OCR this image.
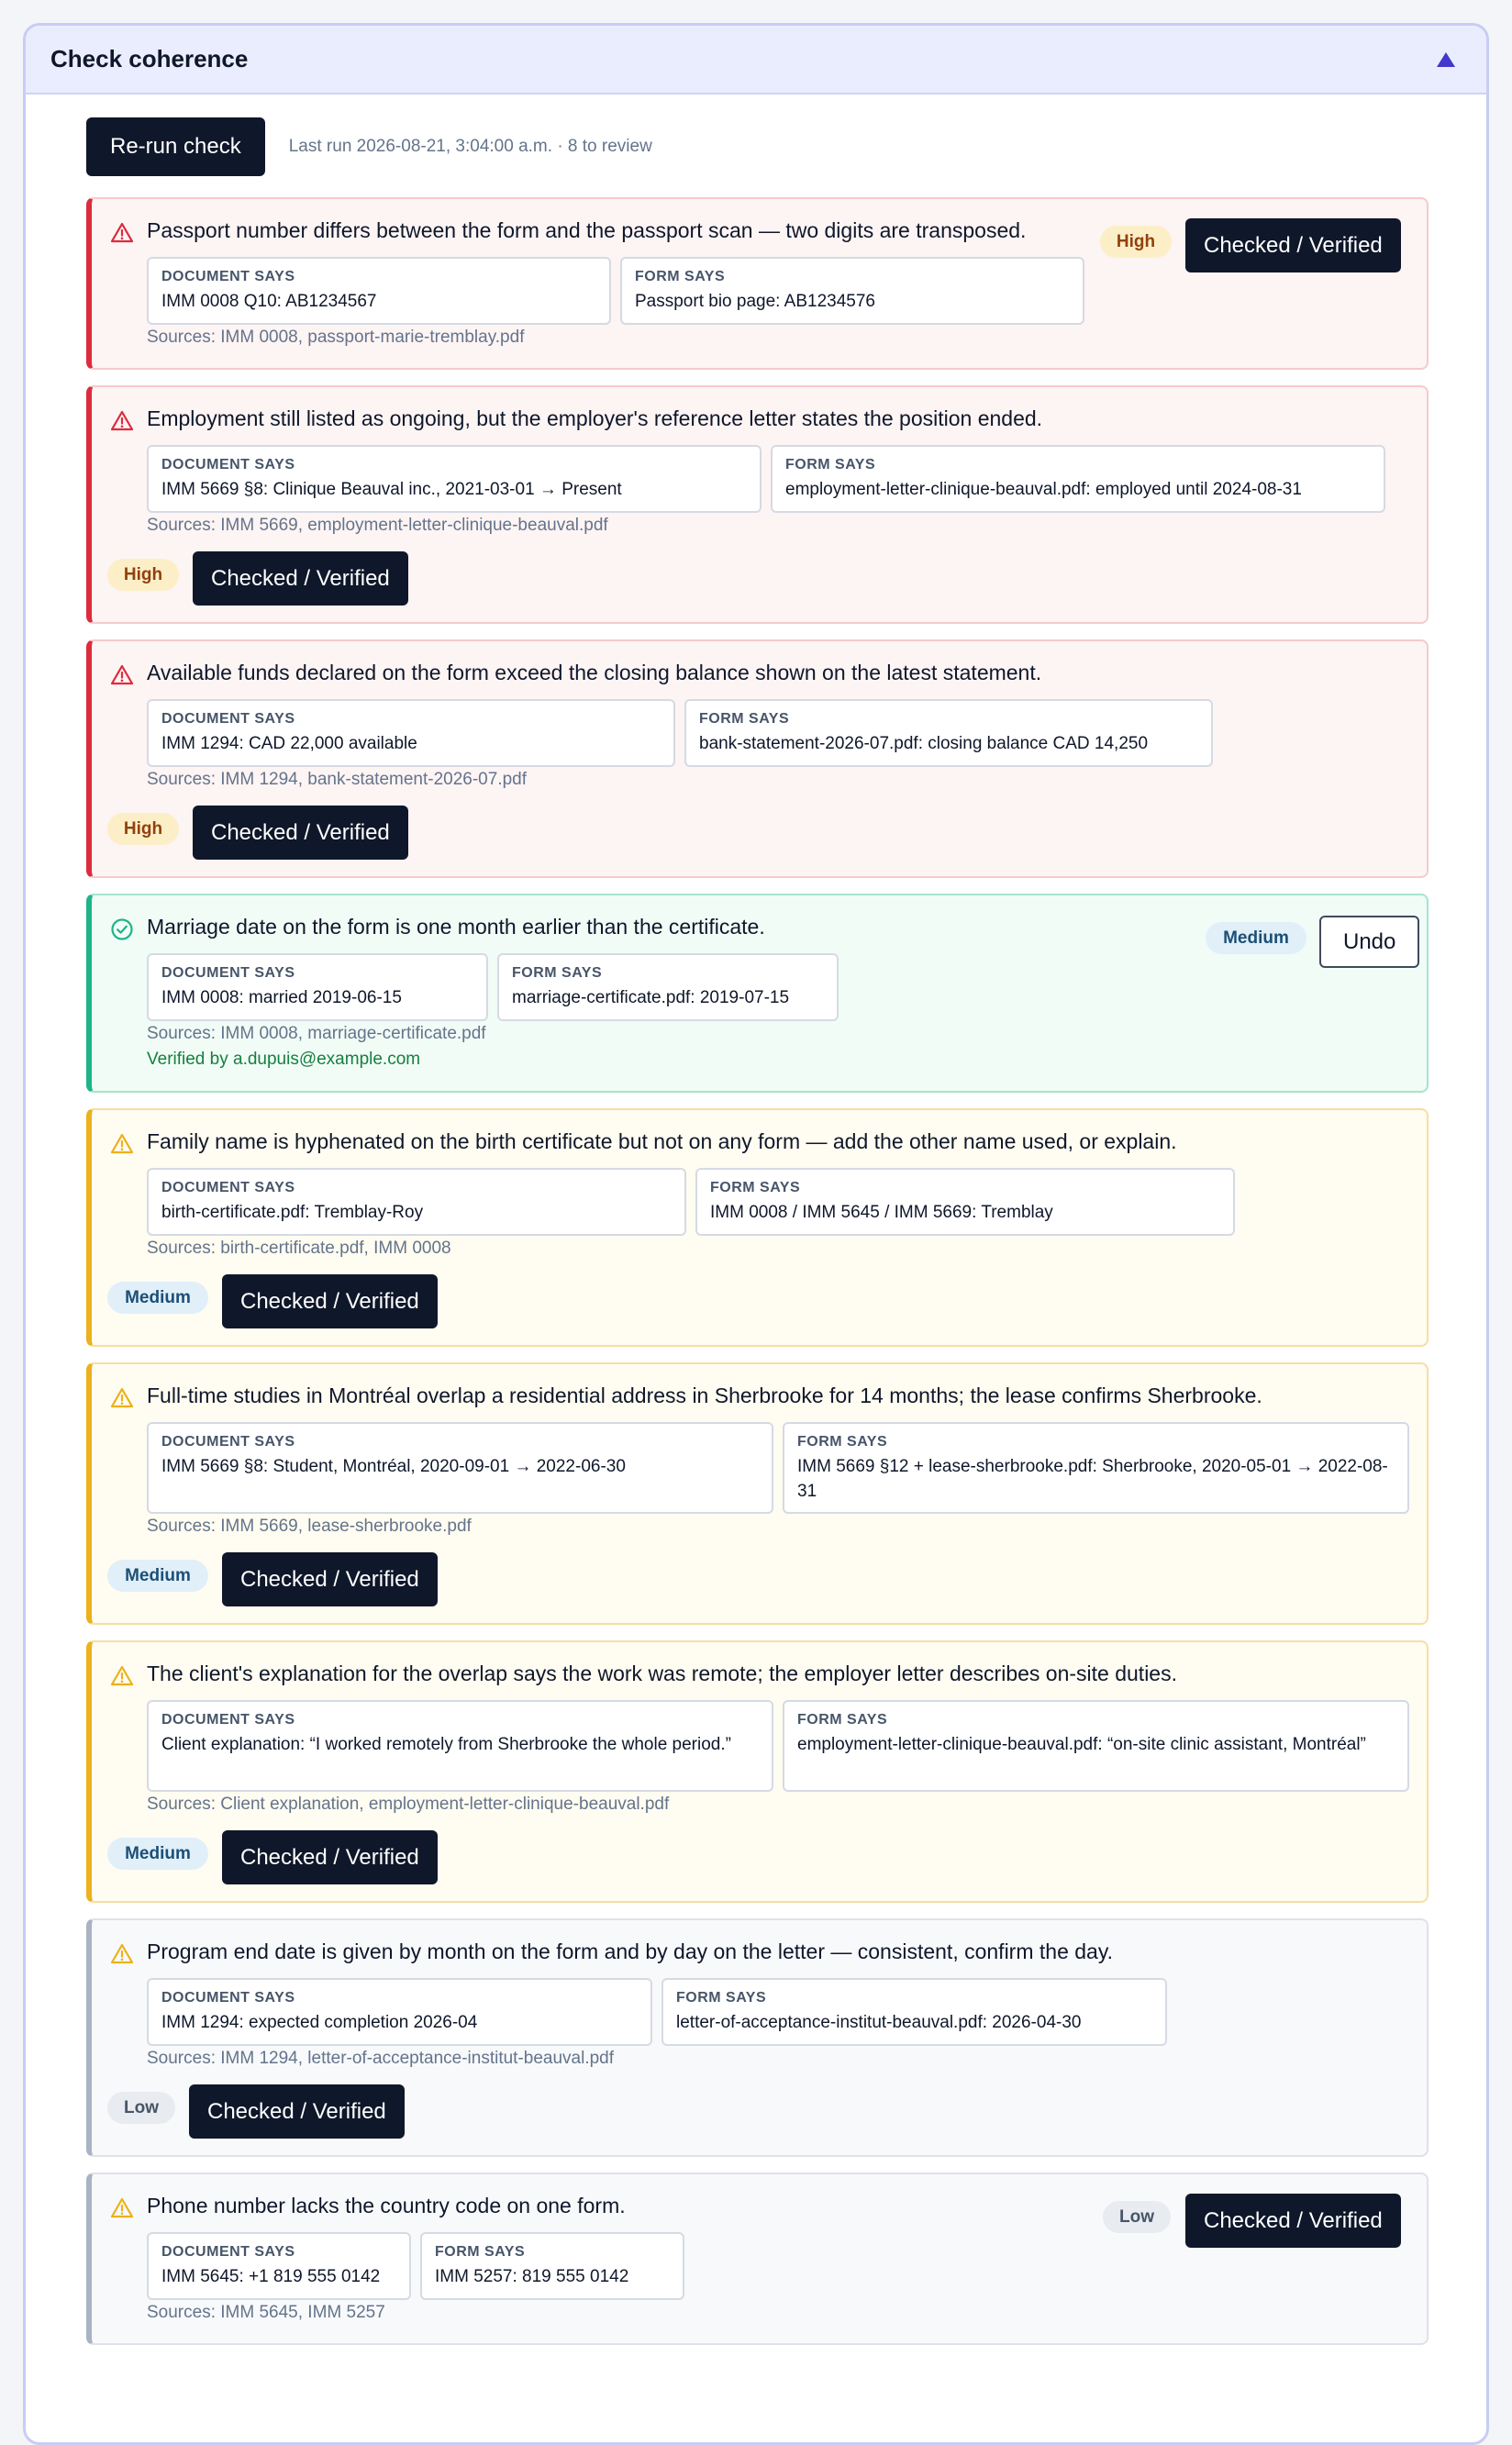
Check coherence
Re-run check	Last run 2026-08-21, 3:04:00 a.m. · 8 to review
Passport number differs between the form and the passport scan — two digits are transposed.
DOCUMENT SAYS
IMM 0008 Q10: AB1234567
FORM SAYS
Passport bio page: AB1234576
Sources: IMM 0008, passport-marie-tremblay.pdf
High	Checked / Verified
Employment still listed as ongoing, but the employer's reference letter states the position ended.
DOCUMENT SAYS
IMM 5669 §8: Clinique Beauval inc., 2021-03-01 → Present
FORM SAYS
employment-letter-clinique-beauval.pdf: employed until 2024-08-31
Sources: IMM 5669, employment-letter-clinique-beauval.pdf
High	Checked / Verified
Available funds declared on the form exceed the closing balance shown on the latest statement.
DOCUMENT SAYS
IMM 1294: CAD 22,000 available
FORM SAYS
bank-statement-2026-07.pdf: closing balance CAD 14,250
Sources: IMM 1294, bank-statement-2026-07.pdf
High	Checked / Verified
Marriage date on the form is one month earlier than the certificate.
DOCUMENT SAYS
IMM 0008: married 2019-06-15
FORM SAYS
marriage-certificate.pdf: 2019-07-15
Sources: IMM 0008, marriage-certificate.pdf
Verified by a.dupuis@example.com
Medium	Undo
Family name is hyphenated on the birth certificate but not on any form — add the other name used, or explain.
DOCUMENT SAYS
birth-certificate.pdf: Tremblay-Roy
FORM SAYS
IMM 0008 / IMM 5645 / IMM 5669: Tremblay
Sources: birth-certificate.pdf, IMM 0008
Medium	Checked / Verified
Full-time studies in Montréal overlap a residential address in Sherbrooke for 14 months; the lease confirms Sherbrooke.
DOCUMENT SAYS
IMM 5669 §8: Student, Montréal, 2020-09-01 → 2022-06-30
FORM SAYS
IMM 5669 §12 + lease-sherbrooke.pdf: Sherbrooke, 2020-05-01 → 2022-08-31
Sources: IMM 5669, lease-sherbrooke.pdf
Medium	Checked / Verified
The client's explanation for the overlap says the work was remote; the employer letter describes on-site duties.
DOCUMENT SAYS
Client explanation: “I worked remotely from Sherbrooke the whole period.”
FORM SAYS
employment-letter-clinique-beauval.pdf: “on-site clinic assistant, Montréal”
Sources: Client explanation, employment-letter-clinique-beauval.pdf
Medium	Checked / Verified
Program end date is given by month on the form and by day on the letter — consistent, confirm the day.
DOCUMENT SAYS
IMM 1294: expected completion 2026-04
FORM SAYS
letter-of-acceptance-institut-beauval.pdf: 2026-04-30
Sources: IMM 1294, letter-of-acceptance-institut-beauval.pdf
Low	Checked / Verified
Phone number lacks the country code on one form.
DOCUMENT SAYS
IMM 5645: +1 819 555 0142
FORM SAYS
IMM 5257: 819 555 0142
Sources: IMM 5645, IMM 5257
Low	Checked / Verified
